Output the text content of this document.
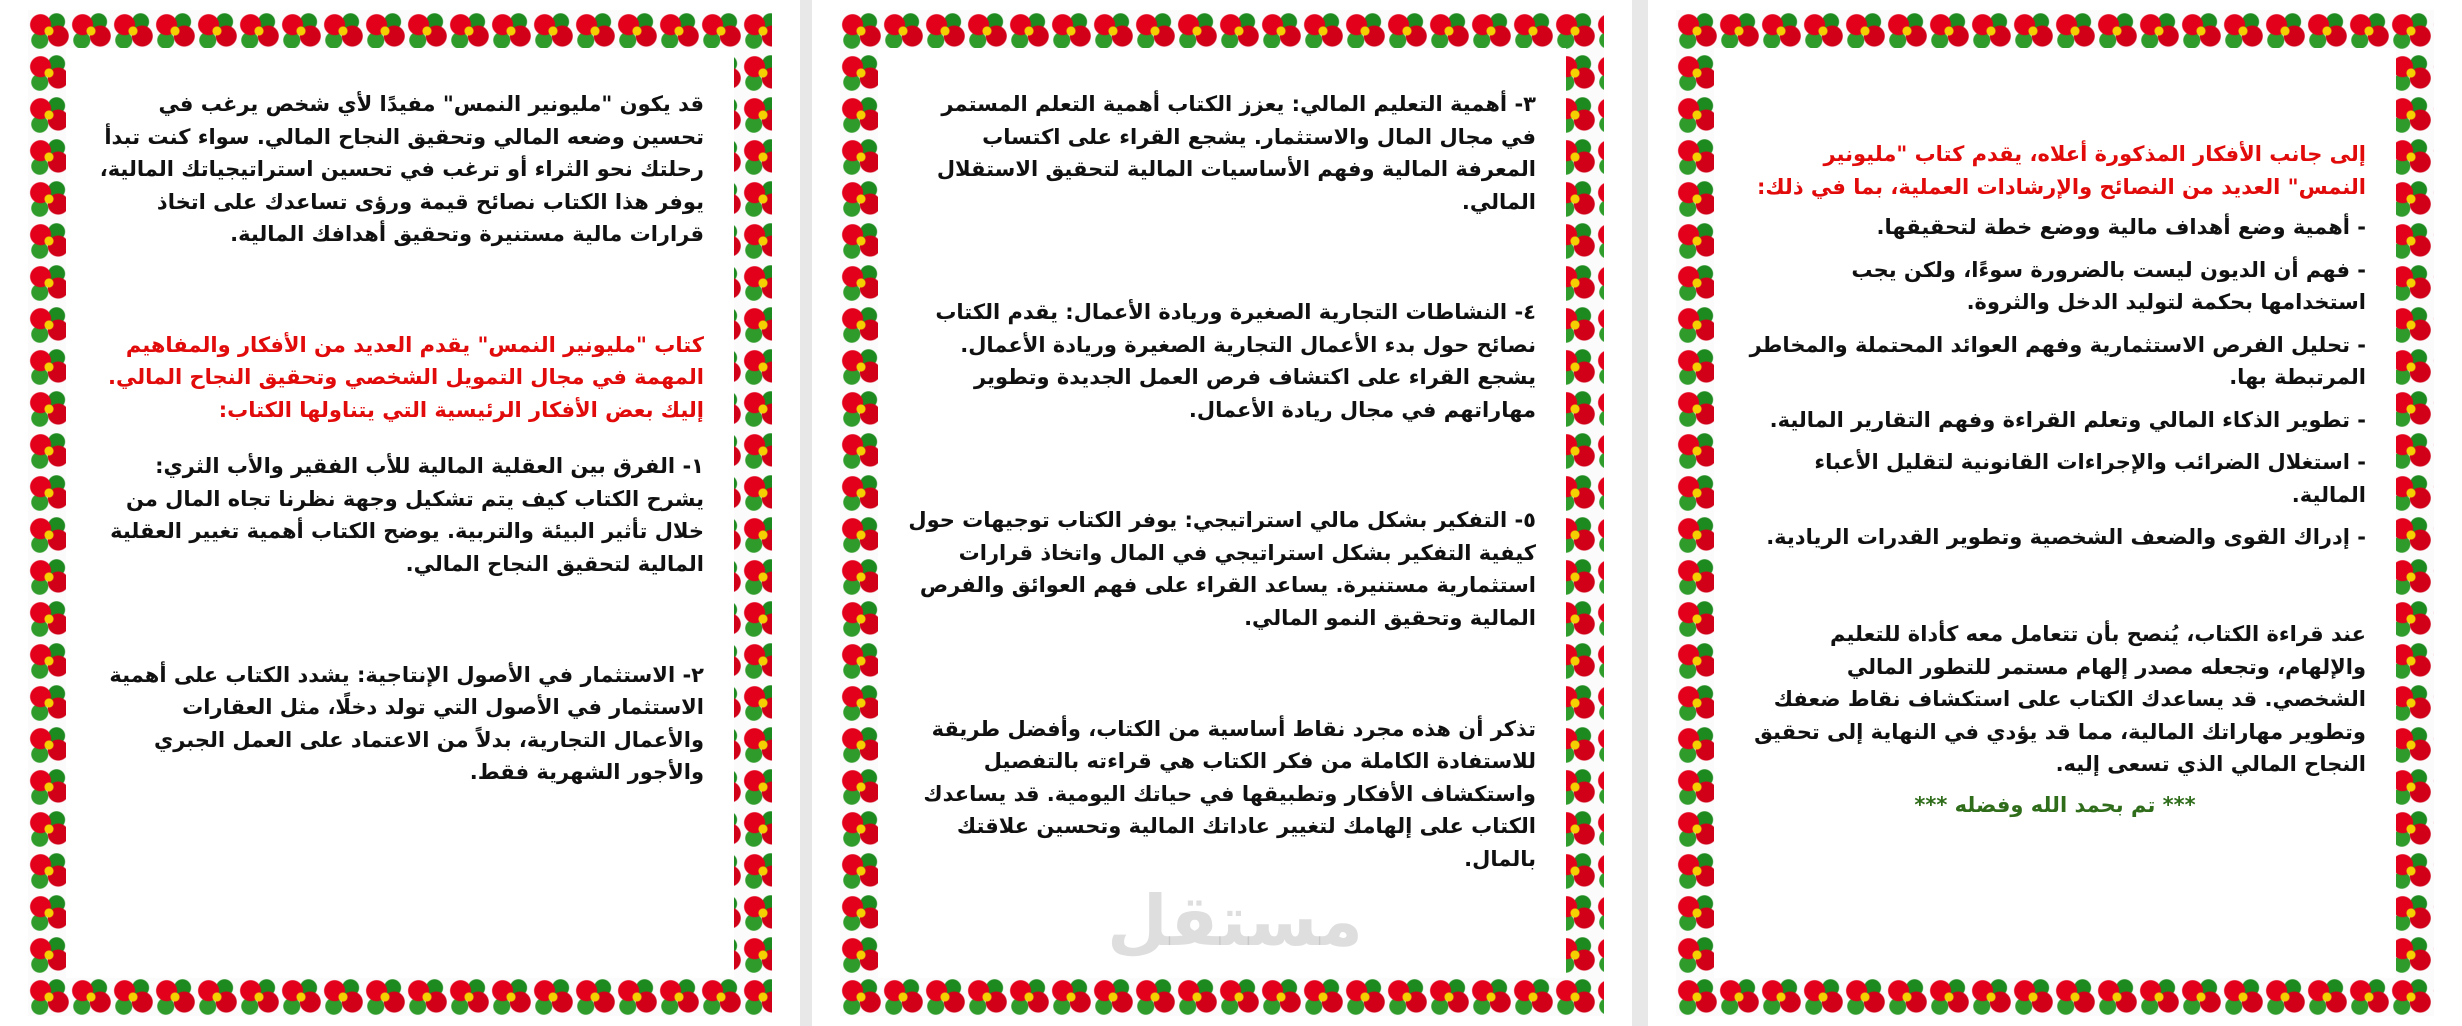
قد يكون "مليونير النمس" مفيدًا لأي شخص يرغب في تحسين وضعه المالي وتحقيق النجاح المالي. سواء كنت تبدأ رحلتك نحو الثراء أو ترغب في تحسين استراتيجياتك المالية، يوفر هذا الكتاب نصائح قيمة ورؤى تساعدك على اتخاذ قرارات مالية مستنيرة وتحقيق أهدافك المالية.

كتاب "مليونير النمس" يقدم العديد من الأفكار والمفاهيم المهمة في مجال التمويل الشخصي وتحقيق النجاح المالي. إليك بعض الأفكار الرئيسية التي يتناولها الكتاب:

١- الفرق بين العقلية المالية للأب الفقير والأب الثري: يشرح الكتاب كيف يتم تشكيل وجهة نظرنا تجاه المال من خلال تأثير البيئة والتربية. يوضح الكتاب أهمية تغيير العقلية المالية لتحقيق النجاح المالي.

٢- الاستثمار في الأصول الإنتاجية: يشدد الكتاب على أهمية الاستثمار في الأصول التي تولد دخلًا، مثل العقارات والأعمال التجارية، بدلاً من الاعتماد على العمل الجبري والأجور الشهرية فقط.

٣- أهمية التعليم المالي: يعزز الكتاب أهمية التعلم المستمر في مجال المال والاستثمار. يشجع القراء على اكتساب المعرفة المالية وفهم الأساسيات المالية لتحقيق الاستقلال المالي.

٤- النشاطات التجارية الصغيرة وريادة الأعمال: يقدم الكتاب نصائح حول بدء الأعمال التجارية الصغيرة وريادة الأعمال. يشجع القراء على اكتشاف فرص العمل الجديدة وتطوير مهاراتهم في مجال ريادة الأعمال.

٥- التفكير بشكل مالي استراتيجي: يوفر الكتاب توجيهات حول كيفية التفكير بشكل استراتيجي في المال واتخاذ قرارات استثمارية مستنيرة. يساعد القراء على فهم العوائق والفرص المالية وتحقيق النمو المالي.

تذكر أن هذه مجرد نقاط أساسية من الكتاب، وأفضل طريقة للاستفادة الكاملة من فكر الكتاب هي قراءته بالتفصيل واستكشاف الأفكار وتطبيقها في حياتك اليومية. قد يساعدك الكتاب على إلهامك لتغيير عاداتك المالية وتحسين علاقتك بالمال.

إلى جانب الأفكار المذكورة أعلاه، يقدم كتاب "مليونير النمس" العديد من النصائح والإرشادات العملية، بما في ذلك:

- أهمية وضع أهداف مالية ووضع خطة لتحقيقها.

- فهم أن الديون ليست بالضرورة سوءًا، ولكن يجب استخدامها بحكمة لتوليد الدخل والثروة.

- تحليل الفرص الاستثمارية وفهم العوائد المحتملة والمخاطر المرتبطة بها.

- تطوير الذكاء المالي وتعلم القراءة وفهم التقارير المالية.

- استغلال الضرائب والإجراءات القانونية لتقليل الأعباء المالية.

- إدراك القوى والضعف الشخصية وتطوير القدرات الريادية.

عند قراءة الكتاب، يُنصح بأن تتعامل معه كأداة للتعليم والإلهام، وتجعله مصدر إلهام مستمر للتطور المالي الشخصي. قد يساعدك الكتاب على استكشاف نقاط ضعفك وتطوير مهاراتك المالية، مما قد يؤدي في النهاية إلى تحقيق النجاح المالي الذي تسعى إليه.

*** تم بحمد الله وفضله ***

مستقل
